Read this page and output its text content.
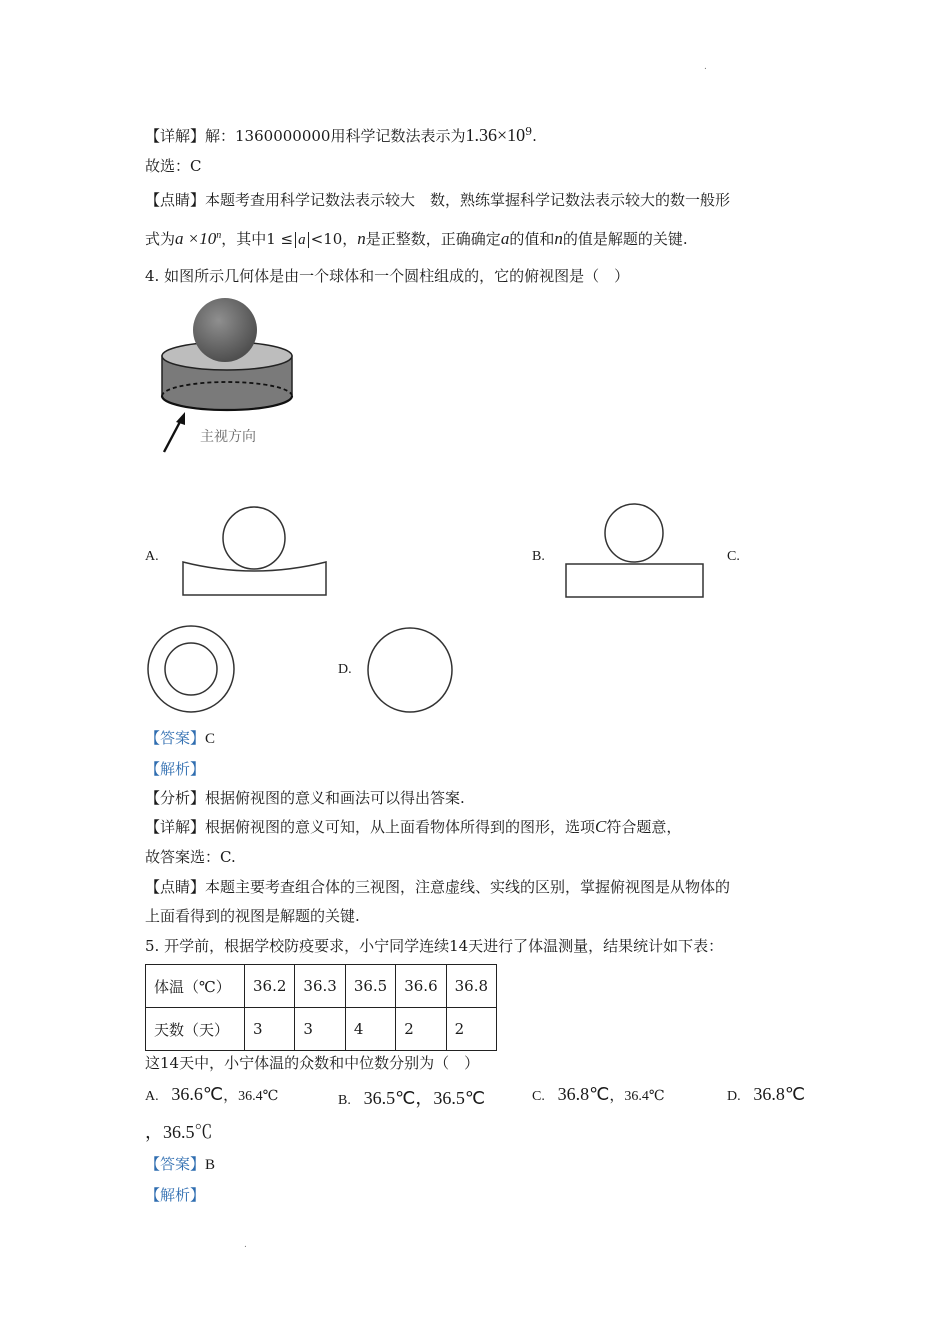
.
.
【详解】解：1360000000用科学记数法表示为$1.36\times 10^9$.
故选：C
【点睛】本题考查用科学记数法表示较大　数，熟练掌握科学记数法表示较大的数一般形
式为$a \times 10^n$，其中1 ≤ a <10，n是正整数，正确确定a的值和n的值是解题的关键.
4. 如图所示几何体是由一个球体和一个圆柱组成的，它的俯视图是（　）
主视方向
A.	B.	C.
D.
【答案】C
【解析】
【分析】根据俯视图的意义和画法可以得出答案.
【详解】根据俯视图的意义可知，从上面看物体所得到的图形，选项C符合题意，
故答案选：C.
【点睛】本题主要考查组合体的三视图，注意虚线、实线的区别，掌握俯视图是从物体的
上面看得到的视图是解题的关键.
5. 开学前，根据学校防疫要求，小宁同学连续14天进行了体温测量，结果统计如下表：
体温（℃）	36.2	36.3	36.5	36.6	36.8
天数（天）	3	3	4	2	2
这14天中，小宁体温的众数和中位数分别为（　）
A. 36.6℃，36.4℃	B. 36.5℃，36.5℃	C. 36.8℃，36.4℃	D. 36.8℃
，36.5℃
【答案】B
【解析】
